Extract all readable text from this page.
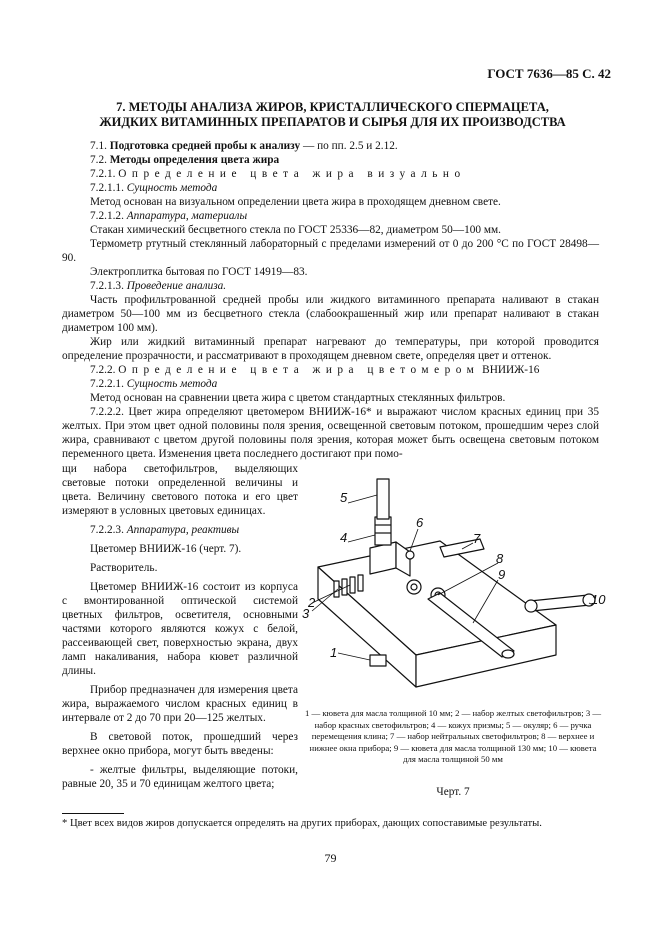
ГОСТ 7636—85 С. 42
7. МЕТОДЫ АНАЛИЗА ЖИРОВ, КРИСТАЛЛИЧЕСКОГО СПЕРМАЦЕТА,
ЖИДКИХ ВИТАМИННЫХ ПРЕПАРАТОВ И СЫРЬЯ ДЛЯ ИХ ПРОИЗВОДСТВА

7.1. Подготовка средней пробы к анализу — по пп. 2.5 и 2.12.

7.2. Методы определения цвета жира

7.2.1. Определение цвета жира визуально

7.2.1.1. Сущность метода

Метод основан на визуальном определении цвета жира в проходящем дневном свете.

7.2.1.2. Аппаратура, материалы

Стакан химический бесцветного стекла по ГОСТ 25336—82, диаметром 50—100 мм.

Термометр ртутный стеклянный лабораторный с пределами измерений от 0 до 200 °С по ГОСТ 28498—90.

Электроплитка бытовая по ГОСТ 14919—83.

7.2.1.3. Проведение анализа.

Часть профильтрованной средней пробы или жидкого витаминного препарата наливают в стакан диаметром 50—100 мм из бесцветного стекла (слабоокрашенный жир или препарат наливают в стакан диаметром 100 мм).

Жир или жидкий витаминный препарат нагревают до температуры, при которой проводится определение прозрачности, и рассматривают в проходящем дневном свете, определяя цвет и оттенок.

7.2.2. Определение цвета жира цветомером ВНИИЖ-16

7.2.2.1. Сущность метода

Метод основан на сравнении цвета жира с цветом стандартных стеклянных фильтров.

7.2.2.2. Цвет жира определяют цветомером ВНИИЖ-16* и выражают числом красных единиц при 35 желтых. При этом цвет одной половины поля зрения, освещенной световым потоком, прошедшим через слой жира, сравнивают с цветом другой половины поля зрения, которая может быть освещена световым потоком переменного цвета. Изменения цвета последнего достигают при помо-

щи набора светофильтров, выделяющих световые потоки определенной величины и цвета. Величину светового потока и его цвет измеряют в условных цветовых единицах.

7.2.2.3. Аппаратура, реактивы

Цветомер ВНИИЖ-16 (черт. 7).

Растворитель.

Цветомер ВНИИЖ-16 состоит из корпуса с вмонтированной оптической системой цветных фильтров, осветителя, основными частями которого являются кожух с белой, рассеивающей свет, поверхностью экрана, двух ламп накаливания, набора кювет различной длины.

Прибор предназначен для измерения цвета жира, выражаемого числом красных единиц в интервале от 2 до 70 при 20—125 желтых.

В световой поток, прошедший через верхнее окно прибора, могут быть введены:

- желтые фильтры, выделяющие потоки, равные 20, 35 и 70 единицам желтого цвета;

5
4
6
7
8
9
10
3
2
1
1 — кювета для масла толщиной 10 мм; 2 — набор желтых светофильтров; 3 — набор красных светофильтров; 4 — кожух призмы; 5 — окуляр; 6 — ручка перемещения клина; 7 — набор нейтральных светофильтров; 8 — верхнее и нижнее окна прибора; 9 — кювета для масла толщиной 130 мм; 10 — кювета для масла толщиной 50 мм
Черт. 7
* Цвет всех видов жиров допускается определять на других приборах, дающих сопоставимые результаты.
79
